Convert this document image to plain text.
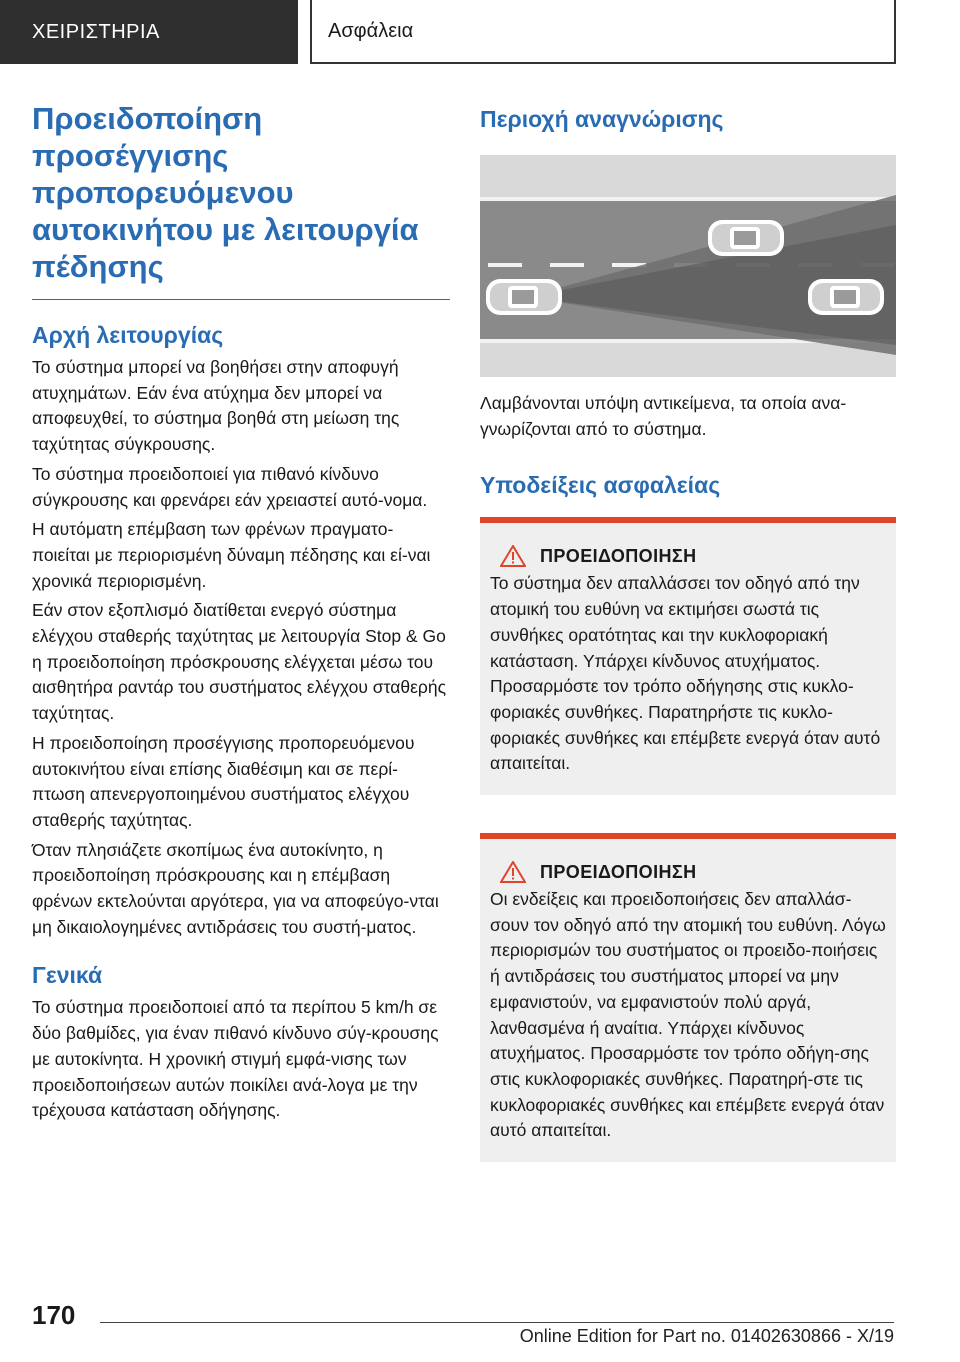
ΧΕΙΡΙΣΤΗΡΙΑ	Ασφάλεια
Προειδοποίηση προσέγγισης προπορευόμενου αυτοκινήτου με λειτουργία πέδησης
Αρχή λειτουργίας

Το σύστημα μπορεί να βοηθήσει στην αποφυγή ατυχημάτων. Εάν ένα ατύχημα δεν μπορεί να αποφευχθεί, το σύστημα βοηθά στη μείωση της ταχύτητας σύγκρουσης.

Το σύστημα προειδοποιεί για πιθανό κίνδυνο σύγκρουσης και φρενάρει εάν χρειαστεί αυτό-νομα.

Η αυτόματη επέμβαση των φρένων πραγματο-ποιείται με περιορισμένη δύναμη πέδησης και εί-ναι χρονικά περιορισμένη.

Εάν στον εξοπλισμό διατίθεται ενεργό σύστημα ελέγχου σταθερής ταχύτητας με λειτουργία Stop & Go η προειδοποίηση πρόσκρουσης ελέγχεται μέσω του αισθητήρα ραντάρ του συστήματος ελέγχου σταθερής ταχύτητας.

Η προειδοποίηση προσέγγισης προπορευόμενου αυτοκινήτου είναι επίσης διαθέσιμη και σε περί-πτωση απενεργοποιημένου συστήματος ελέγχου σταθερής ταχύτητας.

Όταν πλησιάζετε σκοπίμως ένα αυτοκίνητο, η προειδοποίηση πρόσκρουσης και η επέμβαση φρένων εκτελούνται αργότερα, για να αποφεύγο-νται μη δικαιολογημένες αντιδράσεις του συστή-ματος.

Γενικά

Το σύστημα προειδοποιεί από τα περίπου 5 km/h σε δύο βαθμίδες, για έναν πιθανό κίνδυνο σύγ-κρουσης με αυτοκίνητα. Η χρονική στιγμή εμφά-νισης των προειδοποιήσεων αυτών ποικίλει ανά-λογα με την τρέχουσα κατάσταση οδήγησης.

Περιοχή αναγνώρισης

Λαμβάνονται υπόψη αντικείμενα, τα οποία ανα-γνωρίζονται από το σύστημα.

Υποδείξεις ασφαλείας
ΠΡΟΕΙΔΟΠΟΙΗΣΗ

Το σύστημα δεν απαλλάσσει τον οδηγό από την ατομική του ευθύνη να εκτιμήσει σωστά τις συνθήκες ορατότητας και την κυκλοφοριακή κατάσταση. Υπάρχει κίνδυνος ατυχήματος. Προσαρμόστε τον τρόπο οδήγησης στις κυκλο-φοριακές συνθήκες. Παρατηρήστε τις κυκλο-φοριακές συνθήκες και επέμβετε ενεργά όταν αυτό απαιτείται.

ΠΡΟΕΙΔΟΠΟΙΗΣΗ

Οι ενδείξεις και προειδοποιήσεις δεν απαλλάσ-σουν τον οδηγό από την ατομική του ευθύνη. Λόγω περιορισμών του συστήματος οι προειδο-ποιήσεις ή αντιδράσεις του συστήματος μπορεί να μην εμφανιστούν, να εμφανιστούν πολύ αργά, λανθασμένα ή αναίτια. Υπάρχει κίνδυνος ατυχήματος. Προσαρμόστε τον τρόπο οδήγη-σης στις κυκλοφοριακές συνθήκες. Παρατηρή-στε τις κυκλοφοριακές συνθήκες και επέμβετε ενεργά όταν αυτό απαιτείται.

170
Online Edition for Part no. 01402630866 - X/19
